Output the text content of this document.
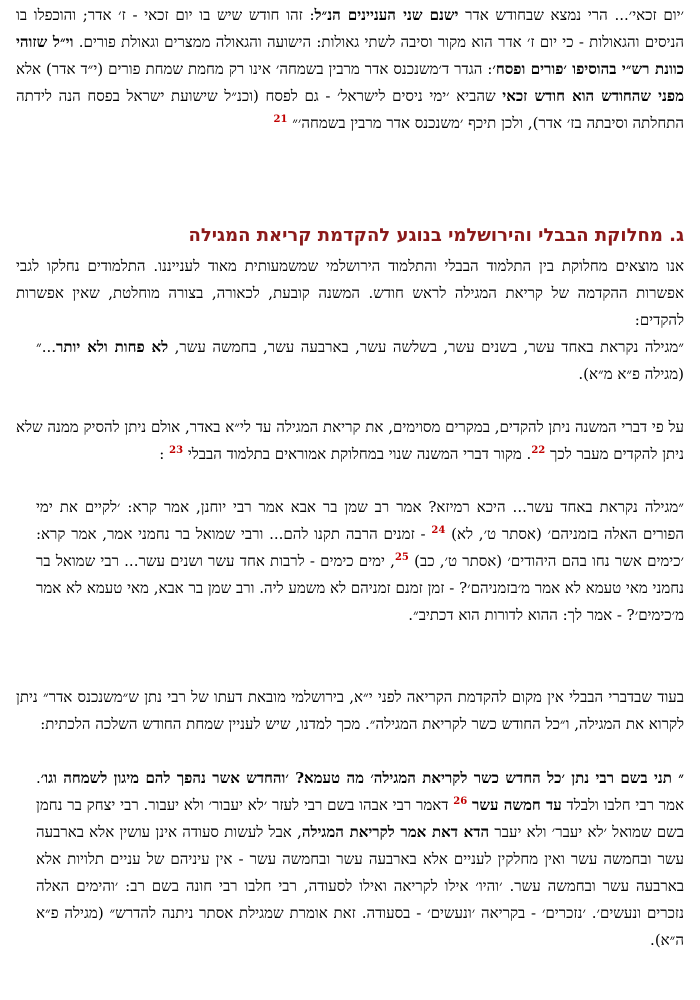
׳יום זכאי׳... הרי נמצא שבחודש אדר ישנם שני העניינים הנ״ל: זהו חודש שיש בו יום זכאי - ז׳ אדר; והוכפלו בו הניסים והגאולות - כי יום ז׳ אדר הוא מקור וסיבה לשתי גאולות: הישועה והגאולה ממצרים וגאולת פורים. וי״ל שזוהי כוונת רש״י בהוסיפו ׳פורים ופסח׳: הגדר ד׳משנכנס אדר מרבין בשמחה׳ אינו רק מחמת שמחת פורים (י״ד אדר) אלא מפני שהחודש הוא חודש זכאי שהביא ׳ימי ניסים לישראל׳ - גם לפסח (וכנ״ל שישועת ישראל בפסח הנה לידתה התחלתה וסיבתה בז׳ אדר), ולכן תיכף ׳משנכנס אדר מרבין בשמחה׳״ $^{21}$
ג. מחלוקת הבבלי והירושלמי בנוגע להקדמת קריאת המגילה
אנו מוצאים מחלוקת בין התלמוד הבבלי והתלמוד הירושלמי שמשמעותית מאוד לענייננו. התלמודים נחלקו לגבי אפשרות ההקדמה של קריאת המגילה לראש חודש. המשנה קובעת, לכאורה, בצורה מוחלטת, שאין אפשרות להקדים:
״מגילה נקראת באחד עשר, בשנים עשר, בשלשה עשר, בארבעה עשר, בחמשה עשר, לא פחות ולא יותר...״ (מגילה פ״א מ״א).
על פי דברי המשנה ניתן להקדים, במקרים מסוימים, את קריאת המגילה עד לי״א באדר, אולם ניתן להסיק ממנה שלא ניתן להקדים מעבר לכך $^{22}$. מקור דברי המשנה שנוי במחלוקת אמוראים בתלמוד הבבלי $^{23}$ :
״מגילה נקראת באחד עשר... היכא רמיזא? אמר רב שמן בר אבא אמר רבי יוחנן, אמר קרא: ׳לקיים את ימי הפורים האלה בזמניהם׳ (אסתר ט׳, לא) $^{24}$ - זמנים הרבה תקנו להם... ורבי שמואל בר נחמני אמר, אמר קרא: ׳כימים אשר נחו בהם היהודים׳ (אסתר ט׳, כב) $^{25}$, ימים כימים - לרבות אחד עשר ושנים עשר... רבי שמואל בר נחמני מאי טעמא לא אמר מ׳בזמניהם׳? - זמן זמנם זמניהם לא משמע ליה. ורב שמן בר אבא, מאי טעמא לא אמר מ׳כימים׳? - אמר לך: ההוא לדורות הוא דכתיב״.
בעוד שבדברי הבבלי אין מקום להקדמת הקריאה לפני י״א, בירושלמי מובאת דעתו של רבי נתן ש״משנכנס אדר״ ניתן לקרוא את המגילה, ו״כל החודש כשר לקריאת המגילה״. מכך למדנו, שיש לעניין שמחת החודש השלכה הלכתית:
״ תני בשם רבי נתן ׳כל החדש כשר לקריאת המגילה׳ מה טעמא? ׳והחדש אשר נהפך להם מיגון לשמחה וגו׳. אמר רבי חלבו ולבלד עד חמשה עשר $^{26}$ דאמר רבי אבהו בשם רבי לעזר ׳לא יעבור׳ ולא יעבור. רבי יצחק בר נחמן בשם שמואל ׳לא יעבר׳ ולא יעבר הדא דאת אמר לקריאת המגילה, אבל לעשות סעודה אינן עושין אלא בארבעה עשר ובחמשה עשר ואין מחלקין לעניים אלא בארבעה עשר ובחמשה עשר - אין עיניהם של עניים תלויות אלא בארבעה עשר ובחמשה עשר. ׳והיו׳ אילו לקריאה ואילו לסעודה, רבי חלבו רבי חונה בשם רב: ׳והימים האלה נזכרים ונעשים׳. ׳נזכרים׳ - בקריאה ׳ונעשים׳ - בסעודה. זאת אומרת שמגילת אסתר ניתנה להדרש״ (מגילה פ״א ה״א).
